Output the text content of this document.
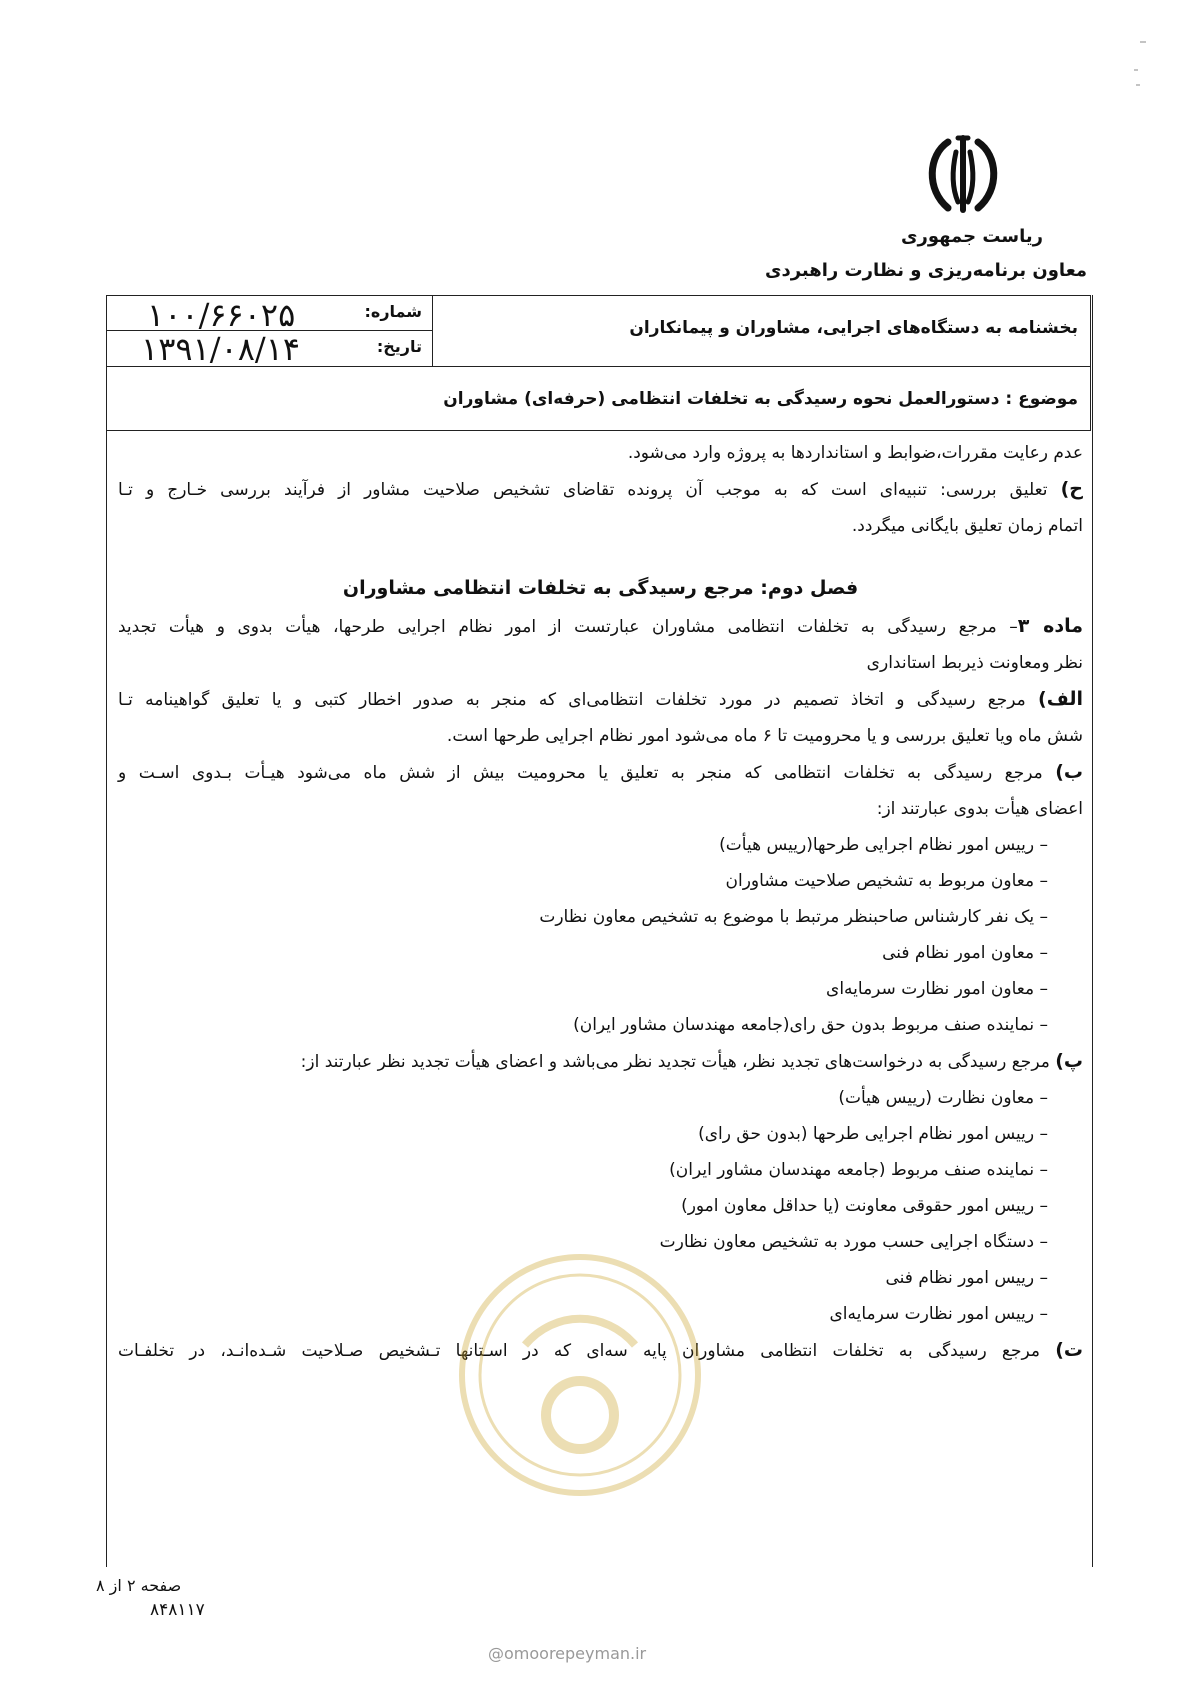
ریاست جمهوری
معاون برنامه‌ریزی و نظارت راهبردی
شماره:
۱۰۰/۶۶۰۲۵
تاریخ:
۱۳۹۱/۰۸/۱۴
بخشنامه به دستگاه‌های اجرایی، مشاوران و پیمانکاران
موضوع : دستورالعمل نحوه رسیدگی به تخلفات انتظامی (حرفه‌ای) مشاوران

عدم رعایت مقررات،ضوابط و استانداردها به پروژه وارد می‌شود.

ح) تعلیق بررسی: تنبیه‌ای است که به موجب آن پرونده تقاضای تشخیص صلاحیت مشاور از فرآیند بررسی خـارج و تـا

اتمام زمان تعلیق بایگانی میگردد.

فصل دوم: مرجع رسیدگی به تخلفات انتظامی مشاوران

ماده ۳– مرجع رسیدگی به تخلفات انتظامی مشاوران عبارتست از امور نظام اجرایی طرحها، هیأت بدوی و هیأت تجدید

نظر ومعاونت ذیربط استانداری

الف) مرجع رسیدگی و اتخاذ تصمیم در مورد تخلفات انتظامی‌ای که منجر به صدور اخطار کتبی و یا تعلیق گواهینامه تـا

شش ماه ویا تعلیق بررسی و یا محرومیت تا ۶ ماه می‌شود امور نظام اجرایی طرحها است.

ب) مرجع رسیدگی به تخلفات انتظامی که منجر به تعلیق یا محرومیت بیش از شش ماه می‌شود هیـأت بـدوی اسـت و

اعضای هیأت بدوی عبارتند از:

– رییس امور نظام اجرایی طرحها(رییس هیأت)

– معاون مربوط به تشخیص صلاحیت مشاوران

– یک نفر کارشناس صاحبنظر مرتبط با موضوع به تشخیص معاون نظارت

– معاون امور نظام فنی

– معاون امور نظارت سرمایه‌ای

– نماینده صنف مربوط بدون حق رای(جامعه مهندسان مشاور ایران)

پ) مرجع رسیدگی به درخواست‌های تجدید نظر، هیأت تجدید نظر می‌باشد و اعضای هیأت تجدید نظر عبارتند از:

– معاون نظارت (رییس هیأت)

– رییس امور نظام اجرایی طرحها (بدون حق رای)

– نماینده صنف مربوط (جامعه مهندسان مشاور ایران)

– رییس امور حقوقی معاونت (یا حداقل معاون امور)

– دستگاه اجرایی حسب مورد به تشخیص معاون نظارت

– رییس امور نظام فنی

– رییس امور نظارت سرمایه‌ای

ت) مرجع رسیدگی به تخلفات انتظامی مشاوران پایه سه‌ای که در اسـتانها تـشخیص صـلاحیت شـده‌انـد، در تخلفـات

صفحه ۲ از ۸
۸۴۸۱۱۷
@omoorepeyman.ir
